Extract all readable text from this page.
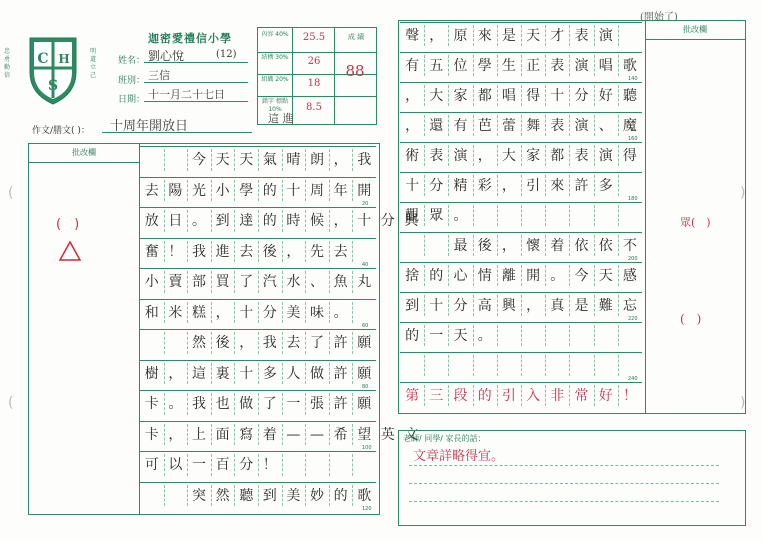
C H
S
忠 勇 勤 信
明 道 立 己
迦密愛禮信小學
姓名： 劉心悅	(12)
班別： 三信
日期： 十一月二十七日
成 績
內容 40%	25.5
結構 30%	26
組織 20%	18
錯字 標點 10%	8.5
88
作文/膳文( )： 十周年開放日
這 進
批改欄	　　今天天氣晴朗，我
去陽光小學的十周年開
20
放日。到達的時候，十分興
奮！我進去後，先去
40
小賣部買了汽水、魚丸
和米糕，十分美味。
60
　　然後，我去了許願
樹，這裏十多人做許願
80
卡。我也做了一張許願
卡，上面寫着——希望英文
100
可以一百分！
　　突然聽到美妙的歌
120
(　)
(
(
)
)
(開始了)
批改欄
聲，原來是天才表演
有五位學生正表演唱歌
140
，大家都唱得十分好聽
，還有芭蕾舞表演、魔
160
術表演，大家都表演得
十分精彩，引來許多
180
觀眾。
　　最後，懷着依依不
200
捨的心情離開。今天感
到十分高興，真是難忘
220
的一天。
240
第三段的引入非常好！
眾(　)
(　)
老師/ 同學/ 家長的話：
文章詳略得宜。
